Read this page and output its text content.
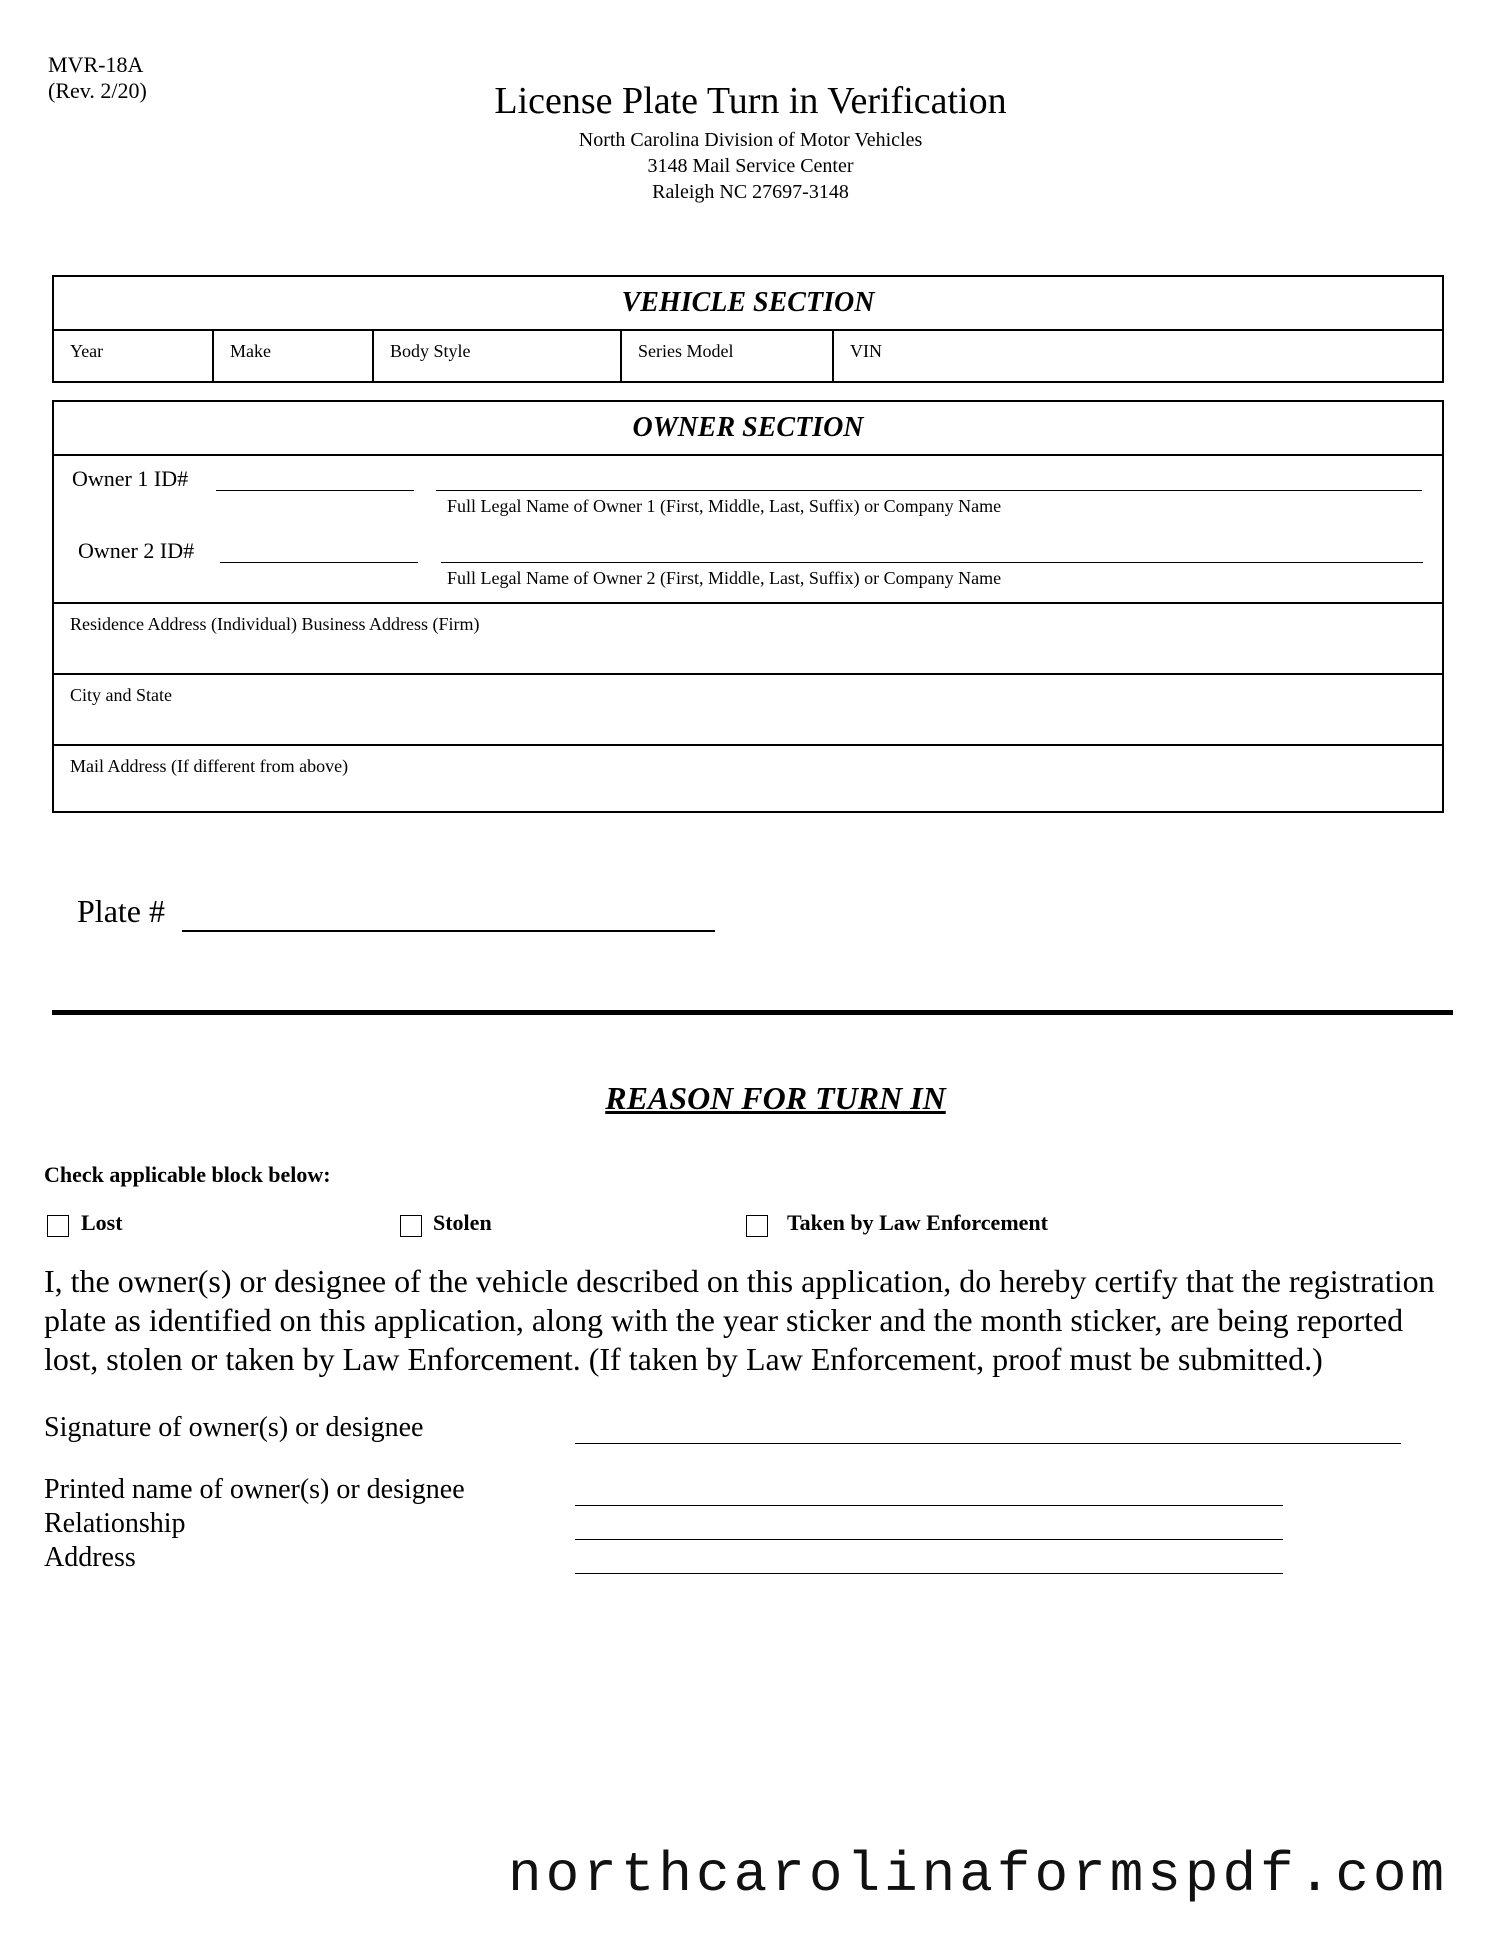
MVR-18A
(Rev. 2/20)	License Plate Turn in Verification
North Carolina Division of Motor Vehicles
3148 Mail Service Center
Raleigh NC 27697-3148
VEHICLE SECTION
Year	Make	Body Style	Series Model	VIN
OWNER SECTION
Owner 1 ID#
Full Legal Name of Owner 1 (First, Middle, Last, Suffix) or Company Name
Owner 2 ID#
Full Legal Name of Owner 2 (First, Middle, Last, Suffix) or Company Name
Residence Address (Individual) Business Address (Firm)
City and State
Mail Address (If different from above)
Plate #
REASON FOR TURN IN
Check applicable block below:
Lost	Stolen	Taken by Law Enforcement
I, the owner(s) or designee of the vehicle described on this application, do hereby certify that the registration plate as identified on this application, along with the year sticker and the month sticker, are being reported lost, stolen or taken by Law Enforcement. (If taken by Law Enforcement, proof must be submitted.)
Signature of owner(s) or designee
Printed name of owner(s) or designee
Relationship
Address
northcarolinaformspdf.com
